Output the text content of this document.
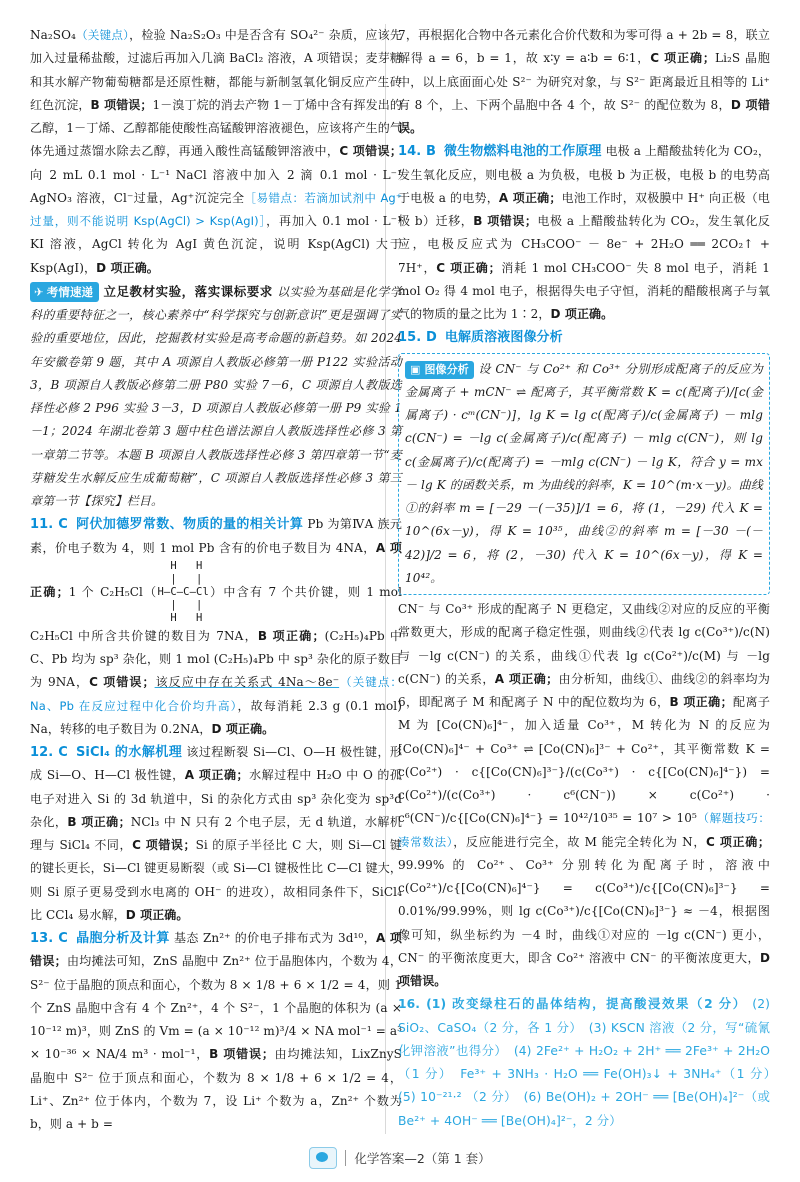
Na₂SO₄（关键点），检验 Na₂S₂O₃ 中是否含有 SO₄²⁻ 杂质，应该先加入过量稀盐酸，过滤后再加入几滴 BaCl₂ 溶液，A 项错误；麦芽糖和其水解产物葡萄糖都是还原性糖，都能与新制氢氧化铜反应产生砖红色沉淀，B 项错误；1－溴丁烷的消去产物 1－丁烯中含有挥发出的乙醇，1－丁烯、乙醇都能使酸性高锰酸钾溶液褪色，应该将产生的气体先通过蒸馏水除去乙醇，再通入酸性高锰酸钾溶液中，C 项错误；向 2 mL 0.1 mol · L⁻¹ NaCl 溶液中加入 2 滴 0.1 mol · L⁻¹ AgNO₃ 溶液，Cl⁻过量，Ag⁺沉淀完全［易错点：若滴加试剂中 Ag⁺过量，则不能说明 Ksp(AgCl) > Ksp(AgI)］，再加入 0.1 mol · L⁻¹ KI 溶液，AgCl 转化为 AgI 黄色沉淀，说明 Ksp(AgCl) 大于 Ksp(AgI)，D 项正确。

✈ 考情速递 立足教材实验，落实课标要求 以实验为基础是化学学科的重要特征之一，核心素养中“科学探究与创新意识”更是强调了实验的重要地位，因此，挖掘教材实验是高考命题的新趋势。如 2024 年安徽卷第 9 题，其中 A 项源自人教版必修第一册 P122 实验活动 3，B 项源自人教版必修第二册 P80 实验 7－6，C 项源自人教版选择性必修 2 P96 实验 3－3，D 项源自人教版必修第一册 P9 实验 1－1；2024 年湖北卷第 3 题中柱色谱法源自人教版选择性必修 3 第一章第二节等。本题 B 项源自人教版选择性必修 3 第四章第一节“麦芽糖发生水解反应生成葡萄糖”，C 项源自人教版选择性必修 3 第三章第一节【探究】栏目。

11. C 阿伏加德罗常数、物质的量的相关计算 Pb 为第ⅣA 族元素，价电子数为 4，则 1 mol Pb 含有的价电子数目为 4NA，A 项正确；1 个 C₂H₅Cl（  H   H
|   |
H—C—C—Cl
|   |
H   H）中含有 7 个共价键，则 1 mol C₂H₅Cl 中所含共价键的数目为 7NA，B 项正确；(C₂H₅)₄Pb 中 C、Pb 均为 sp³ 杂化，则 1 mol (C₂H₅)₄Pb 中 sp³ 杂化的原子数目为 9NA，C 项错误；该反应中存在关系式 4Na～8e⁻（关键点：Na、Pb 在反应过程中化合价均升高），故每消耗 2.3 g (0.1 mol) Na，转移的电子数目为 0.2NA，D 项正确。

12. C SiCl₄ 的水解机理 该过程断裂 Si—Cl、O—H 极性键，形成 Si—O、H—Cl 极性键，A 项正确；水解过程中 H₂O 中 O 的孤电子对进入 Si 的 3d 轨道中，Si 的杂化方式由 sp³ 杂化变为 sp³d 杂化，B 项正确；NCl₃ 中 N 只有 2 个电子层，无 d 轨道，水解机理与 SiCl₄ 不同，C 项错误；Si 的原子半径比 C 大，则 Si—Cl 键的键长更长，Si—Cl 键更易断裂（或 Si—Cl 键极性比 C—Cl 键大，则 Si 原子更易受到水电离的 OH⁻ 的进攻），故相同条件下，SiCl₄ 比 CCl₄ 易水解，D 项正确。

13. C 晶胞分析及计算 基态 Zn²⁺ 的价电子排布式为 3d¹⁰，A 项错误；由均摊法可知，ZnS 晶胞中 Zn²⁺ 位于晶胞体内，个数为 4，S²⁻ 位于晶胞的顶点和面心，个数为 8 × 1/8 + 6 × 1/2 = 4，则 1 个 ZnS 晶胞中含有 4 个 Zn²⁺，4 个 S²⁻，1 个晶胞的体积为 (a × 10⁻¹² m)³，则 ZnS 的 Vm = (a × 10⁻¹² m)³/4 × NA mol⁻¹ = a³ × 10⁻³⁶ × NA/4 m³ · mol⁻¹，B 项错误；由均摊法知，LixZnyS 晶胞中 S²⁻ 位于顶点和面心，个数为 8 × 1/8 + 6 × 1/2 = 4，Li⁺、Zn²⁺ 位于体内，个数为 7，设 Li⁺ 个数为 a，Zn²⁺ 个数为 b，则 a + b =

7，再根据化合物中各元素化合价代数和为零可得 a + 2b = 8，联立解得 a = 6，b = 1，故 x∶y = a∶b = 6∶1，C 项正确；Li₂S 晶胞中，以上底面面心处 S²⁻ 为研究对象，与 S²⁻ 距离最近且相等的 Li⁺ 有 8 个，上、下两个晶胞中各 4 个，故 S²⁻ 的配位数为 8，D 项错误。

14. B 微生物燃料电池的工作原理 电极 a 上醋酸盐转化为 CO₂，发生氧化反应，则电极 a 为负极，电极 b 为正极，电极 b 的电势高于电极 a 的电势，A 项正确；电池工作时，双极膜中 H⁺ 向正极（电极 b）迁移，B 项错误；电极 a 上醋酸盐转化为 CO₂，发生氧化反应，电极反应式为 CH₃COO⁻ － 8e⁻ + 2H₂O ══ 2CO₂↑ + 7H⁺，C 项正确；消耗 1 mol CH₃COO⁻ 失 8 mol 电子，消耗 1 mol O₂ 得 4 mol 电子，根据得失电子守恒，消耗的醋酸根离子与氧气的物质的量之比为 1∶2，D 项正确。

15. D 电解质溶液图像分析

▣ 图像分析 设 CN⁻ 与 Co²⁺ 和 Co³⁺ 分别形成配离子的反应为金属离子 + mCN⁻ ⇌ 配离子，其平衡常数 K = c(配离子)/[c(金属离子) · cᵐ(CN⁻)]，lg K = lg c(配离子)/c(金属离子) － mlg c(CN⁻) = －lg c(金属离子)/c(配离子) － mlg c(CN⁻)，则 lg c(金属离子)/c(配离子) = －mlg c(CN⁻) － lg K，符合 y = mx － lg K 的函数关系，m 为曲线的斜率，K = 10^(m·x－y)。曲线①的斜率 m = [－29 －(－35)]/1 = 6，将 (1，－29) 代入 K = 10^(6x－y)，得 K = 10³⁵，曲线②的斜率 m = [－30 －(－42)]/2 = 6，将 (2，－30) 代入 K = 10^(6x－y)，得 K = 10⁴²。

CN⁻ 与 Co³⁺ 形成的配离子 N 更稳定，又曲线②对应的反应的平衡常数更大，形成的配离子稳定性强，则曲线②代表 lg c(Co³⁺)/c(N) 与 －lg c(CN⁻) 的关系，曲线①代表 lg c(Co²⁺)/c(M) 与 －lg c(CN⁻) 的关系，A 项正确；由分析知，曲线①、曲线②的斜率均为 6，即配离子 M 和配离子 N 中的配位数均为 6，B 项正确；配离子 M 为 [Co(CN)₆]⁴⁻，加入适量 Co³⁺，M 转化为 N 的反应为 [Co(CN)₆]⁴⁻ + Co³⁺ ⇌ [Co(CN)₆]³⁻ + Co²⁺，其平衡常数 K = c(Co²⁺) · c{[Co(CN)₆]³⁻}/(c(Co³⁺) · c{[Co(CN)₆]⁴⁻}) = c(Co²⁺)/(c(Co³⁺) · c⁶(CN⁻)) × c(Co²⁺) · c⁶(CN⁻)/c{[Co(CN)₆]⁴⁻} = 10⁴²/10³⁵ = 10⁷ > 10⁵（解题技巧：凑常数法），反应能进行完全，故 M 能完全转化为 N，C 项正确；99.99% 的 Co²⁺、Co³⁺ 分别转化为配离子时，溶液中 c(Co²⁺)/c{[Co(CN)₆]⁴⁻} = c(Co³⁺)/c{[Co(CN)₆]³⁻} = 0.01%/99.99%，则 lg c(Co³⁺)/c{[Co(CN)₆]³⁻} ≈ －4，根据图像可知，纵坐标约为 －4 时，曲线①对应的 －lg c(CN⁻) 更小，CN⁻ 的平衡浓度更大，即含 Co²⁺ 溶液中 CN⁻ 的平衡浓度更大，D 项错误。

16. (1) 改变绿柱石的晶体结构，提高酸浸效果（2 分） (2) SiO₂、CaSO₄（2 分，各 1 分）　(3) KSCN 溶液（2 分，写“硫氰化钾溶液”也得分）　(4) 2Fe²⁺ + H₂O₂ + 2H⁺ ══ 2Fe³⁺ + 2H₂O（1 分）　Fe³⁺ + 3NH₃ · H₂O ══ Fe(OH)₃↓ + 3NH₄⁺（1 分）　(5) 10⁻²¹·² （2 分）　(6) Be(OH)₂ + 2OH⁻ ══ [Be(OH)₄]²⁻（或 Be²⁺ + 4OH⁻ ══ [Be(OH)₄]²⁻，2 分）

化学答案—2（第 1 套）
